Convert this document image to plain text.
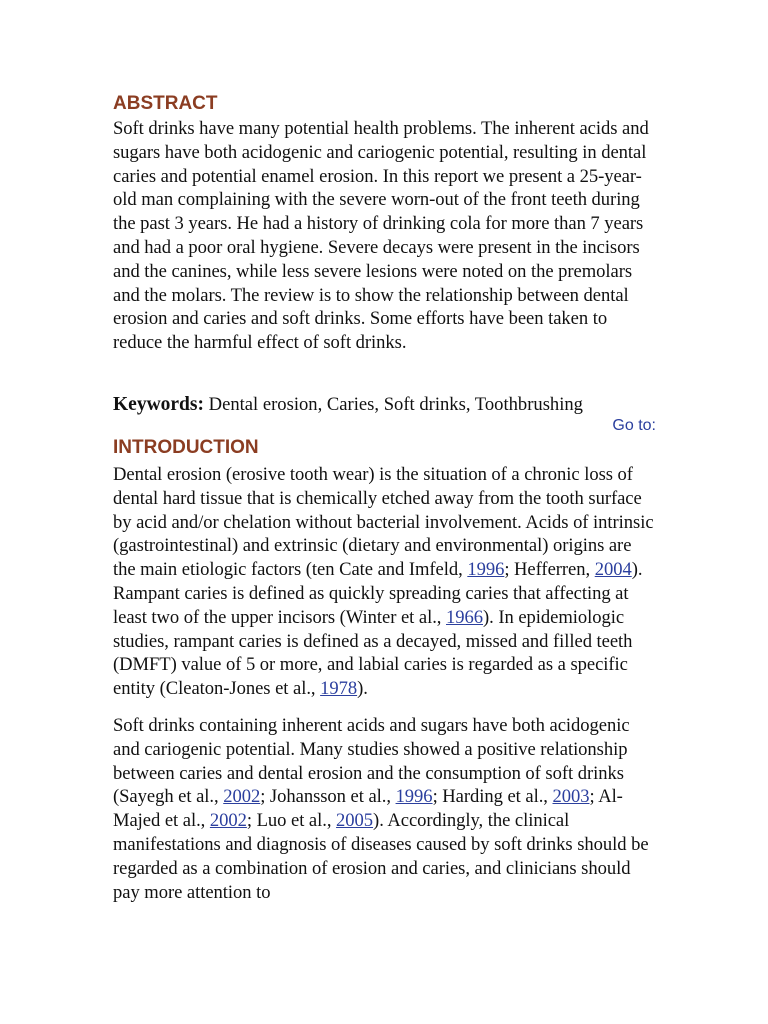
ABSTRACT

Soft drinks have many potential health problems. The inherent acids and sugars have both acidogenic and cariogenic potential, resulting in dental caries and potential enamel erosion. In this report we present a 25-year-old man complaining with the severe worn-out of the front teeth during the past 3 years. He had a history of drinking cola for more than 7 years and had a poor oral hygiene. Severe decays were present in the incisors and the canines, while less severe lesions were noted on the premolars and the molars. The review is to show the relationship between dental erosion and caries and soft drinks. Some efforts have been taken to reduce the harmful effect of soft drinks.

Keywords: Dental erosion, Caries, Soft drinks, Toothbrushing

Go to:
INTRODUCTION

Dental erosion (erosive tooth wear) is the situation of a chronic loss of dental hard tissue that is chemically etched away from the tooth surface by acid and/or chelation without bacterial involvement. Acids of intrinsic (gastrointestinal) and extrinsic (dietary and environmental) origins are the main etiologic factors (ten Cate and Imfeld, 1996; Hefferren, 2004). Rampant caries is defined as quickly spreading caries that affecting at least two of the upper incisors (Winter et al., 1966). In epidemiologic studies, rampant caries is defined as a decayed, missed and filled teeth (DMFT) value of 5 or more, and labial caries is regarded as a specific entity (Cleaton-Jones et al., 1978).

Soft drinks containing inherent acids and sugars have both acidogenic and cariogenic potential. Many studies showed a positive relationship between caries and dental erosion and the consumption of soft drinks (Sayegh et al., 2002; Johansson et al., 1996; Harding et al., 2003; Al-Majed et al., 2002; Luo et al., 2005). Accordingly, the clinical manifestations and diagnosis of diseases caused by soft drinks should be regarded as a combination of erosion and caries, and clinicians should pay more attention to
